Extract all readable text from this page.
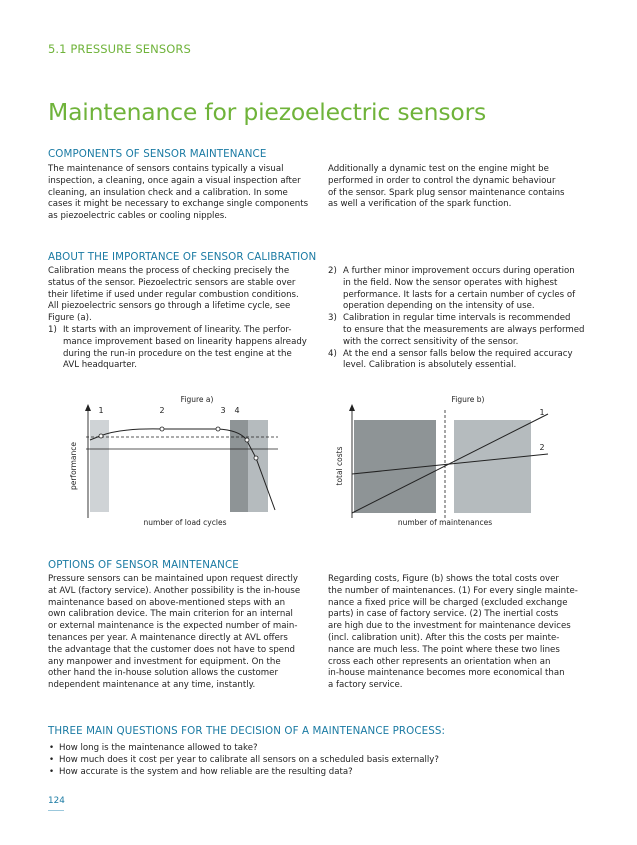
5.1 PRESSURE SENSORS
Maintenance for piezoelectric sensors
COMPONENTS OF SENSOR MAINTENANCE

The maintenance of sensors contains typically a visual

inspection, a cleaning, once again a visual inspection after

cleaning, an insulation check and a calibration. In some

cases it might be necessary to exchange single components

as piezoelectric cables or cooling nipples.

Additionally a dynamic test on the engine might be

performed in order to control the dynamic behaviour

of the sensor. Spark plug sensor maintenance contains

as well a verification of the spark function.

ABOUT THE IMPORTANCE OF SENSOR CALIBRATION

Calibration means the process of checking precisely the

status of the sensor. Piezoelectric sensors are stable over

their lifetime if used under regular combustion conditions.

All piezoelectric sensors go through a lifetime cycle, see

Figure (a).

1) It starts with an improvement of linearity. The perfor-
mance improvement based on linearity happens already
during the run-in procedure on the test engine at the
AVL headquarter.
2) A further minor improvement occurs during operation
in the field. Now the sensor operates with highest
performance. It lasts for a certain number of cycles of
operation depending on the intensity of use.
3) Calibration in regular time intervals is recommended
to ensure that the measurements are always performed
with the correct sensitivity of the sensor.
4) At the end a sensor falls below the required accuracy
level. Calibration is absolutely essential.
Figure a)
1	2	3 4
number of load cycles
performance
Figure b)
1
2
number of maintenances
total costs
OPTIONS OF SENSOR MAINTENANCE

Pressure sensors can be maintained upon request directly

at AVL (factory service). Another possibility is the in-house

maintenance based on above-mentioned steps with an

own calibration device. The main criterion for an internal

or external maintenance is the expected number of main-

tenances per year. A maintenance directly at AVL offers

the advantage that the customer does not have to spend

any manpower and investment for equipment. On the

other hand the in-house solution allows the customer

ndependent maintenance at any time, instantly.

Regarding costs, Figure (b) shows the total costs over

the number of maintenances. (1) For every single mainte-

nance a fixed price will be charged (excluded exchange

parts) in case of factory service. (2) The inertial costs

are high due to the investment for maintenance devices

(incl. calibration unit). After this the costs per mainte-

nance are much less. The point where these two lines

cross each other represents an orientation when an

in-house maintenance becomes more economical than

a factory service.

THREE MAIN QUESTIONS FOR THE DECISION OF A MAINTENANCE PROCESS:
• How long is the maintenance allowed to take?
• How much does it cost per year to calibrate all sensors on a scheduled basis externally?
• How accurate is the system and how reliable are the resulting data?
124
